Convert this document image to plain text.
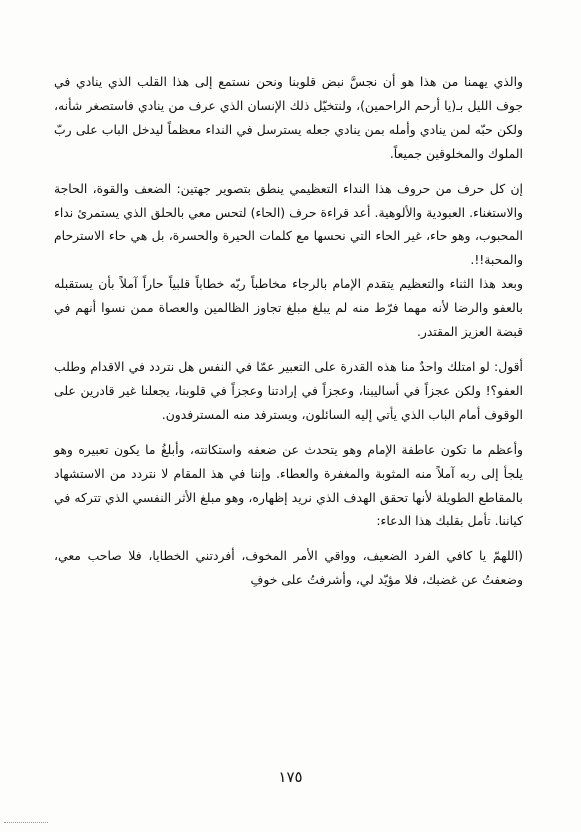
والذي يهمنا من هذا هو أن نجسَّ نبض قلوبنا ونحن نستمع إلى هذا القلب الذي ينادي في جوف الليل بـ(يا أرحم الراحمين)، ولنتخيّل ذلك الإنسان الذي عرف من ينادي فاستصغر شأنه، ولكن حبّه لمن ينادي وأمله بمن ينادي جعله يسترسل في النداء معظماً ليدخل الباب على ربّ الملوك والمخلوقين جميعاً.

إن كل حرف من حروف هذا النداء التعظيمي ينطق بتصوير جهتين: الضعف والقوة، الحاجة والاستغناء. العبودية والألوهية. أعد قراءة حرف (الحاء) لتحس معي بالحلق الذي يستمرئ نداء المحبوب، وهو حاء، غير الحاء التي نحسها مع كلمات الحيرة والحسرة، بل هي حاء الاسترحام والمحبة!!.

وبعد هذا الثناء والتعظيم يتقدم الإمام بالرجاء مخاطباً ربّه خطاباً قلبياً حاراً آملاً بأن يستقبله بالعفو والرضا لأنه مهما فرّط منه لم يبلغ مبلغ تجاوز الظالمين والعصاة ممن نسوا أنهم في قبضة العزيز المقتدر.

أقول: لو امتلك واحدٌ منا هذه القدرة على التعبير عمّا في النفس هل نتردد في الاقدام وطلب العفو؟! ولكن عجزاً في أساليبنا، وعجزاً في إرادتنا وعجزاً في قلوبنا، يجعلنا غير قادرين على الوقوف أمام الباب الذي يأتي إليه السائلون، ويسترفد منه المسترفدون.

وأعظم ما تكون عاطفة الإمام وهو يتحدث عن ضعفه واستكانته، وأبلغُ ما يكون تعبيره وهو يلجأ إلى ربه آملاً منه المثوبة والمغفرة والعطاء. وإننا في هذ المقام لا نتردد من الاستشهاد بالمقاطع الطويلة لأنها تحقق الهدف الذي نريد إظهاره، وهو مبلغ الأثر النفسي الذي تتركه في كياننا. تأمل بقلبك هذا الدعاء:

(اللهمّ يا كافي الفرد الضعيف، وواقي الأمر المخوف، أفردتني الخطايا، فلا صاحب معي، وضعفتُ عن غضبك، فلا مؤيّد لي، وأشرفتُ على خوفِ

١٧٥
